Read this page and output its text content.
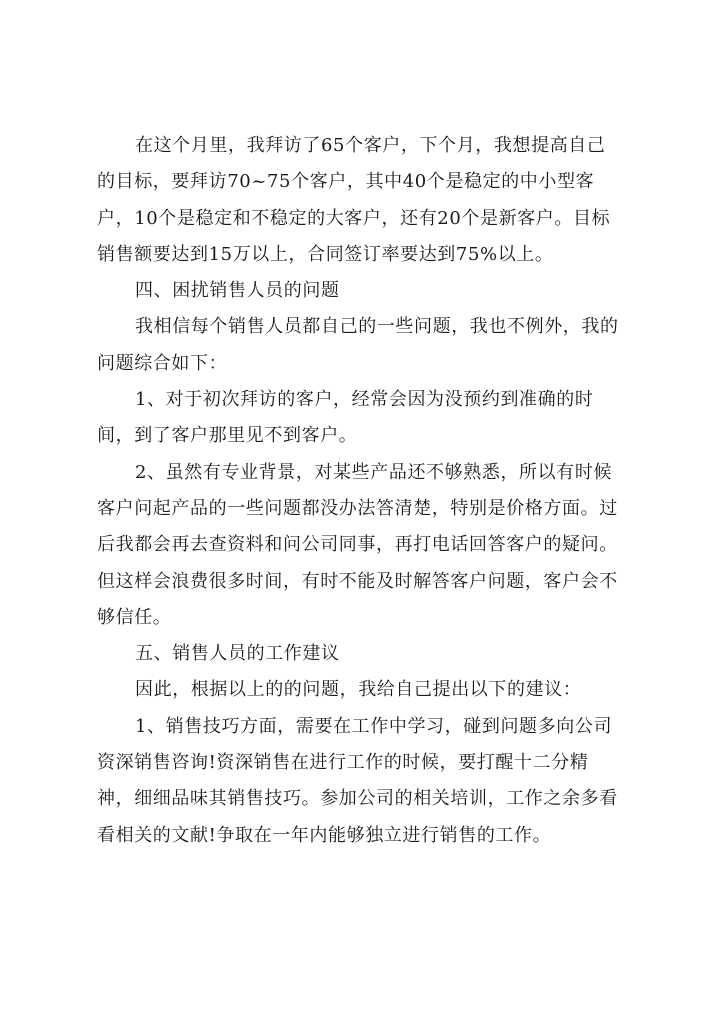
在这个月里，我拜访了65个客户，下个月，我想提高自己
的目标，要拜访70~75个客户，其中40个是稳定的中小型客
户，10个是稳定和不稳定的大客户，还有20个是新客户。目标
销售额要达到15万以上，合同签订率要达到75%以上。
四、困扰销售人员的问题
我相信每个销售人员都自己的一些问题，我也不例外，我的
问题综合如下：
1、对于初次拜访的客户，经常会因为没预约到准确的时
间，到了客户那里见不到客户。
2、虽然有专业背景，对某些产品还不够熟悉，所以有时候
客户问起产品的一些问题都没办法答清楚，特别是价格方面。过
后我都会再去查资料和问公司同事，再打电话回答客户的疑问。
但这样会浪费很多时间，有时不能及时解答客户问题，客户会不
够信任。
五、销售人员的工作建议
因此，根据以上的的问题，我给自己提出以下的建议：
1、销售技巧方面，需要在工作中学习，碰到问题多向公司
资深销售咨询!资深销售在进行工作的时候，要打醒十二分精
神，细细品味其销售技巧。参加公司的相关培训，工作之余多看
看相关的文献!争取在一年内能够独立进行销售的工作。
